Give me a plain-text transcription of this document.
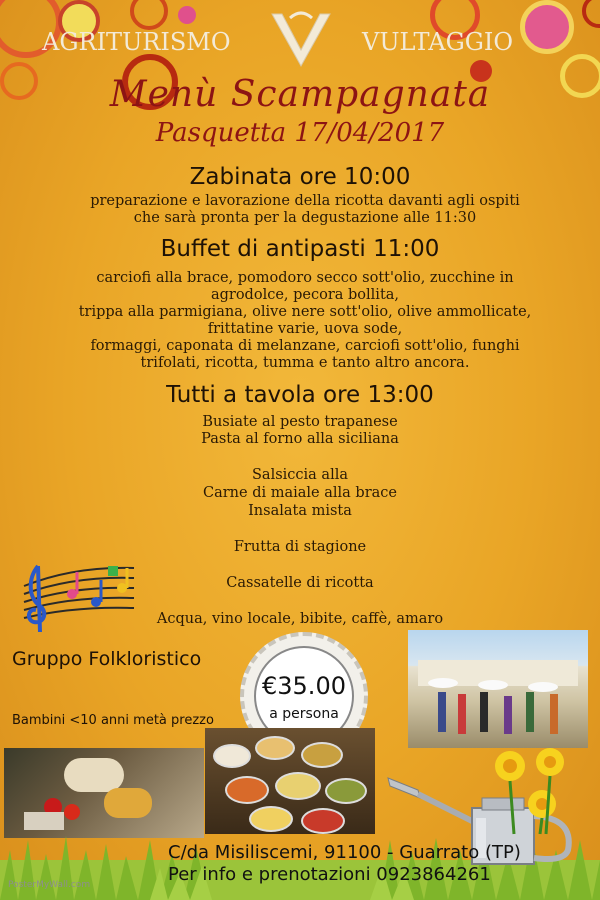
AGRITURISMO	VULTAGGIO
Menù Scampagnata
Pasquetta 17/04/2017
Zabinata ore 10:00
preparazione e lavorazione della ricotta davanti agli ospiti
che sarà pronta per la degustazione alle 11:30
Buffet di antipasti 11:00
carciofi alla brace, pomodoro secco sott'olio, zucchine in
agrodolce, pecora bollita,
trippa alla parmigiana, olive nere sott'olio, olive ammollicate,
frittatine varie, uova sode,
formaggi, caponata di melanzane, carciofi sott'olio, funghi
trifolati, ricotta, tumma e tanto altro ancora.
Tutti a tavola ore 13:00
Busiate al pesto trapanese
Pasta al forno alla siciliana
Salsiccia alla
Carne di maiale alla brace
Insalata mista
Frutta di stagione
Cassatelle di ricotta
Acqua, vino locale, bibite, caffè, amaro
Gruppo Folkloristico
Bambini <10 anni metà prezzo
€35.00
a persona
C/da Misiliscemi, 91100 - Guarrato (TP)
Per info e prenotazioni 0923864261
PosterMyWall.com
